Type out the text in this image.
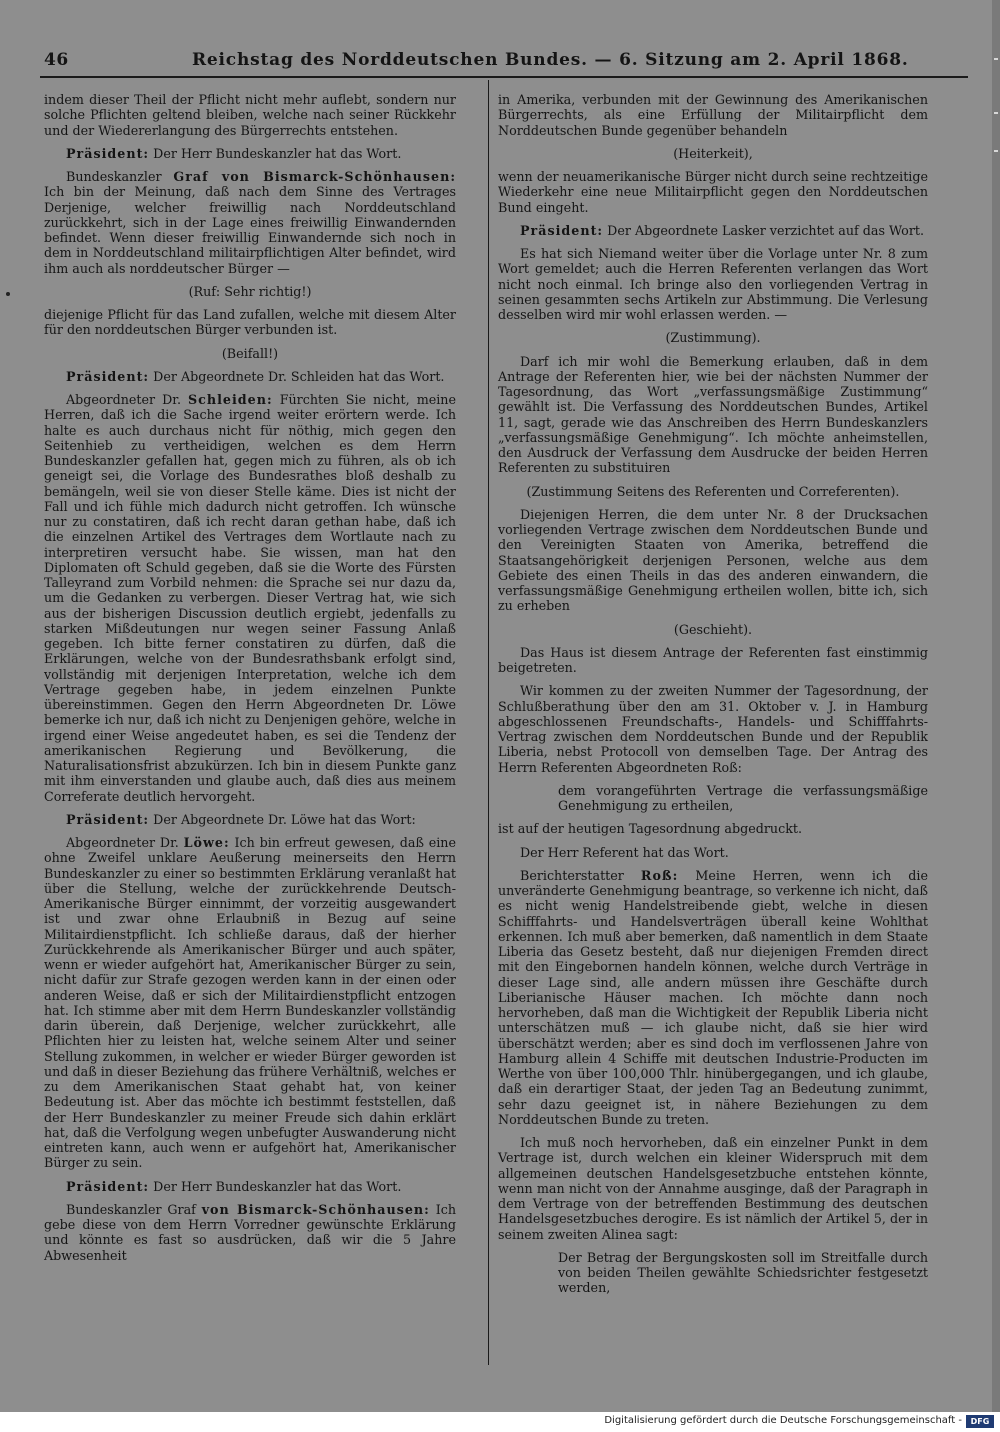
46	Reichstag des Norddeutschen Bundes. — 6. Sitzung am 2. April 1868.

indem dieser Theil der Pflicht nicht mehr auflebt, sondern nur solche Pflichten geltend bleiben, welche nach seiner Rückkehr und der Wiedererlangung des Bürgerrechts entstehen.

Präsident: Der Herr Bundeskanzler hat das Wort.

Bundeskanzler Graf von Bismarck-Schönhausen: Ich bin der Meinung, daß nach dem Sinne des Vertrages Derjenige, welcher freiwillig nach Norddeutschland zurückkehrt, sich in der Lage eines freiwillig Einwandernden befindet. Wenn dieser freiwillig Einwandernde sich noch in dem in Norddeutschland militairpflichtigen Alter befindet, wird ihm auch als norddeutscher Bürger —

(Ruf: Sehr richtig!)

diejenige Pflicht für das Land zufallen, welche mit diesem Alter für den norddeutschen Bürger verbunden ist.

(Beifall!)

Präsident: Der Abgeordnete Dr. Schleiden hat das Wort.

Abgeordneter Dr. Schleiden: Fürchten Sie nicht, meine Herren, daß ich die Sache irgend weiter erörtern werde. Ich halte es auch durchaus nicht für nöthig, mich gegen den Seitenhieb zu vertheidigen, welchen es dem Herrn Bundeskanzler gefallen hat, gegen mich zu führen, als ob ich geneigt sei, die Vorlage des Bundesrathes bloß deshalb zu bemängeln, weil sie von dieser Stelle käme. Dies ist nicht der Fall und ich fühle mich dadurch nicht getroffen. Ich wünsche nur zu constatiren, daß ich recht daran gethan habe, daß ich die einzelnen Artikel des Vertrages dem Wortlaute nach zu interpretiren versucht habe. Sie wissen, man hat den Diplomaten oft Schuld gegeben, daß sie die Worte des Fürsten Talleyrand zum Vorbild nehmen: die Sprache sei nur dazu da, um die Gedanken zu verbergen. Dieser Vertrag hat, wie sich aus der bisherigen Discussion deutlich ergiebt, jedenfalls zu starken Mißdeutungen nur wegen seiner Fassung Anlaß gegeben. Ich bitte ferner constatiren zu dürfen, daß die Erklärungen, welche von der Bundesrathsbank erfolgt sind, vollständig mit derjenigen Interpretation, welche ich dem Vertrage gegeben habe, in jedem einzelnen Punkte übereinstimmen. Gegen den Herrn Abgeordneten Dr. Löwe bemerke ich nur, daß ich nicht zu Denjenigen gehöre, welche in irgend einer Weise angedeutet haben, es sei die Tendenz der amerikanischen Regierung und Bevölkerung, die Naturalisationsfrist abzukürzen. Ich bin in diesem Punkte ganz mit ihm einverstanden und glaube auch, daß dies aus meinem Correferate deutlich hervorgeht.

Präsident: Der Abgeordnete Dr. Löwe hat das Wort:

Abgeordneter Dr. Löwe: Ich bin erfreut gewesen, daß eine ohne Zweifel unklare Aeußerung meinerseits den Herrn Bundeskanzler zu einer so bestimmten Erklärung veranlaßt hat über die Stellung, welche der zurückkehrende Deutsch-Amerikanische Bürger einnimmt, der vorzeitig ausgewandert ist und zwar ohne Erlaubniß in Bezug auf seine Militairdienstpflicht. Ich schließe daraus, daß der hierher Zurückkehrende als Amerikanischer Bürger und auch später, wenn er wieder aufgehört hat, Amerikanischer Bürger zu sein, nicht dafür zur Strafe gezogen werden kann in der einen oder anderen Weise, daß er sich der Militairdienstpflicht entzogen hat. Ich stimme aber mit dem Herrn Bundeskanzler vollständig darin überein, daß Derjenige, welcher zurückkehrt, alle Pflichten hier zu leisten hat, welche seinem Alter und seiner Stellung zukommen, in welcher er wieder Bürger geworden ist und daß in dieser Beziehung das frühere Verhältniß, welches er zu dem Amerikanischen Staat gehabt hat, von keiner Bedeutung ist. Aber das möchte ich bestimmt feststellen, daß der Herr Bundeskanzler zu meiner Freude sich dahin erklärt hat, daß die Verfolgung wegen unbefugter Auswanderung nicht eintreten kann, auch wenn er aufgehört hat, Amerikanischer Bürger zu sein.

Präsident: Der Herr Bundeskanzler hat das Wort.

Bundeskanzler Graf von Bismarck-Schönhausen: Ich gebe diese von dem Herrn Vorredner gewünschte Erklärung und könnte es fast so ausdrücken, daß wir die 5 Jahre Abwesenheit

in Amerika, verbunden mit der Gewinnung des Amerikanischen Bürgerrechts, als eine Erfüllung der Militairpflicht dem Norddeutschen Bunde gegenüber behandeln

(Heiterkeit),

wenn der neuamerikanische Bürger nicht durch seine rechtzeitige Wiederkehr eine neue Militairpflicht gegen den Norddeutschen Bund eingeht.

Präsident: Der Abgeordnete Lasker verzichtet auf das Wort.

Es hat sich Niemand weiter über die Vorlage unter Nr. 8 zum Wort gemeldet; auch die Herren Referenten verlangen das Wort nicht noch einmal. Ich bringe also den vorliegenden Vertrag in seinen gesammten sechs Artikeln zur Abstimmung. Die Verlesung desselben wird mir wohl erlassen werden. —

(Zustimmung).

Darf ich mir wohl die Bemerkung erlauben, daß in dem Antrage der Referenten hier, wie bei der nächsten Nummer der Tagesordnung, das Wort „verfassungsmäßige Zustimmung“ gewählt ist. Die Verfassung des Norddeutschen Bundes, Artikel 11, sagt, gerade wie das Anschreiben des Herrn Bundeskanzlers „verfassungsmäßige Genehmigung“. Ich möchte anheimstellen, den Ausdruck der Verfassung dem Ausdrucke der beiden Herren Referenten zu substituiren

(Zustimmung Seitens des Referenten und Correferenten).

Diejenigen Herren, die dem unter Nr. 8 der Drucksachen vorliegenden Vertrage zwischen dem Norddeutschen Bunde und den Vereinigten Staaten von Amerika, betreffend die Staatsangehörigkeit derjenigen Personen, welche aus dem Gebiete des einen Theils in das des anderen einwandern, die verfassungsmäßige Genehmigung ertheilen wollen, bitte ich, sich zu erheben

(Geschieht).

Das Haus ist diesem Antrage der Referenten fast einstimmig beigetreten.

Wir kommen zu der zweiten Nummer der Tagesordnung, der Schlußberathung über den am 31. Oktober v. J. in Hamburg abgeschlossenen Freundschafts-, Handels- und Schifffahrts-Vertrag zwischen dem Norddeutschen Bunde und der Republik Liberia, nebst Protocoll von demselben Tage. Der Antrag des Herrn Referenten Abgeordneten Roß:

dem vorangeführten Vertrage die verfassungsmäßige Genehmigung zu ertheilen,

ist auf der heutigen Tagesordnung abgedruckt.

Der Herr Referent hat das Wort.

Berichterstatter Roß: Meine Herren, wenn ich die unveränderte Genehmigung beantrage, so verkenne ich nicht, daß es nicht wenig Handelstreibende giebt, welche in diesen Schifffahrts- und Handelsverträgen überall keine Wohlthat erkennen. Ich muß aber bemerken, daß namentlich in dem Staate Liberia das Gesetz besteht, daß nur diejenigen Fremden direct mit den Eingebornen handeln können, welche durch Verträge in dieser Lage sind, alle andern müssen ihre Geschäfte durch Liberianische Häuser machen. Ich möchte dann noch hervorheben, daß man die Wichtigkeit der Republik Liberia nicht unterschätzen muß — ich glaube nicht, daß sie hier wird überschätzt werden; aber es sind doch im verflossenen Jahre von Hamburg allein 4 Schiffe mit deutschen Industrie-Producten im Werthe von über 100,000 Thlr. hinübergegangen, und ich glaube, daß ein derartiger Staat, der jeden Tag an Bedeutung zunimmt, sehr dazu geeignet ist, in nähere Beziehungen zu dem Norddeutschen Bunde zu treten.

Ich muß noch hervorheben, daß ein einzelner Punkt in dem Vertrage ist, durch welchen ein kleiner Widerspruch mit dem allgemeinen deutschen Handelsgesetzbuche entstehen könnte, wenn man nicht von der Annahme ausginge, daß der Paragraph in dem Vertrage von der betreffenden Bestimmung des deutschen Handelsgesetzbuches derogire. Es ist nämlich der Artikel 5, der in seinem zweiten Alinea sagt:

Der Betrag der Bergungskosten soll im Streitfalle durch von beiden Theilen gewählte Schiedsrichter festgesetzt werden,

Digitalisierung gefördert durch die Deutsche Forschungsgemeinschaft -	DFG
